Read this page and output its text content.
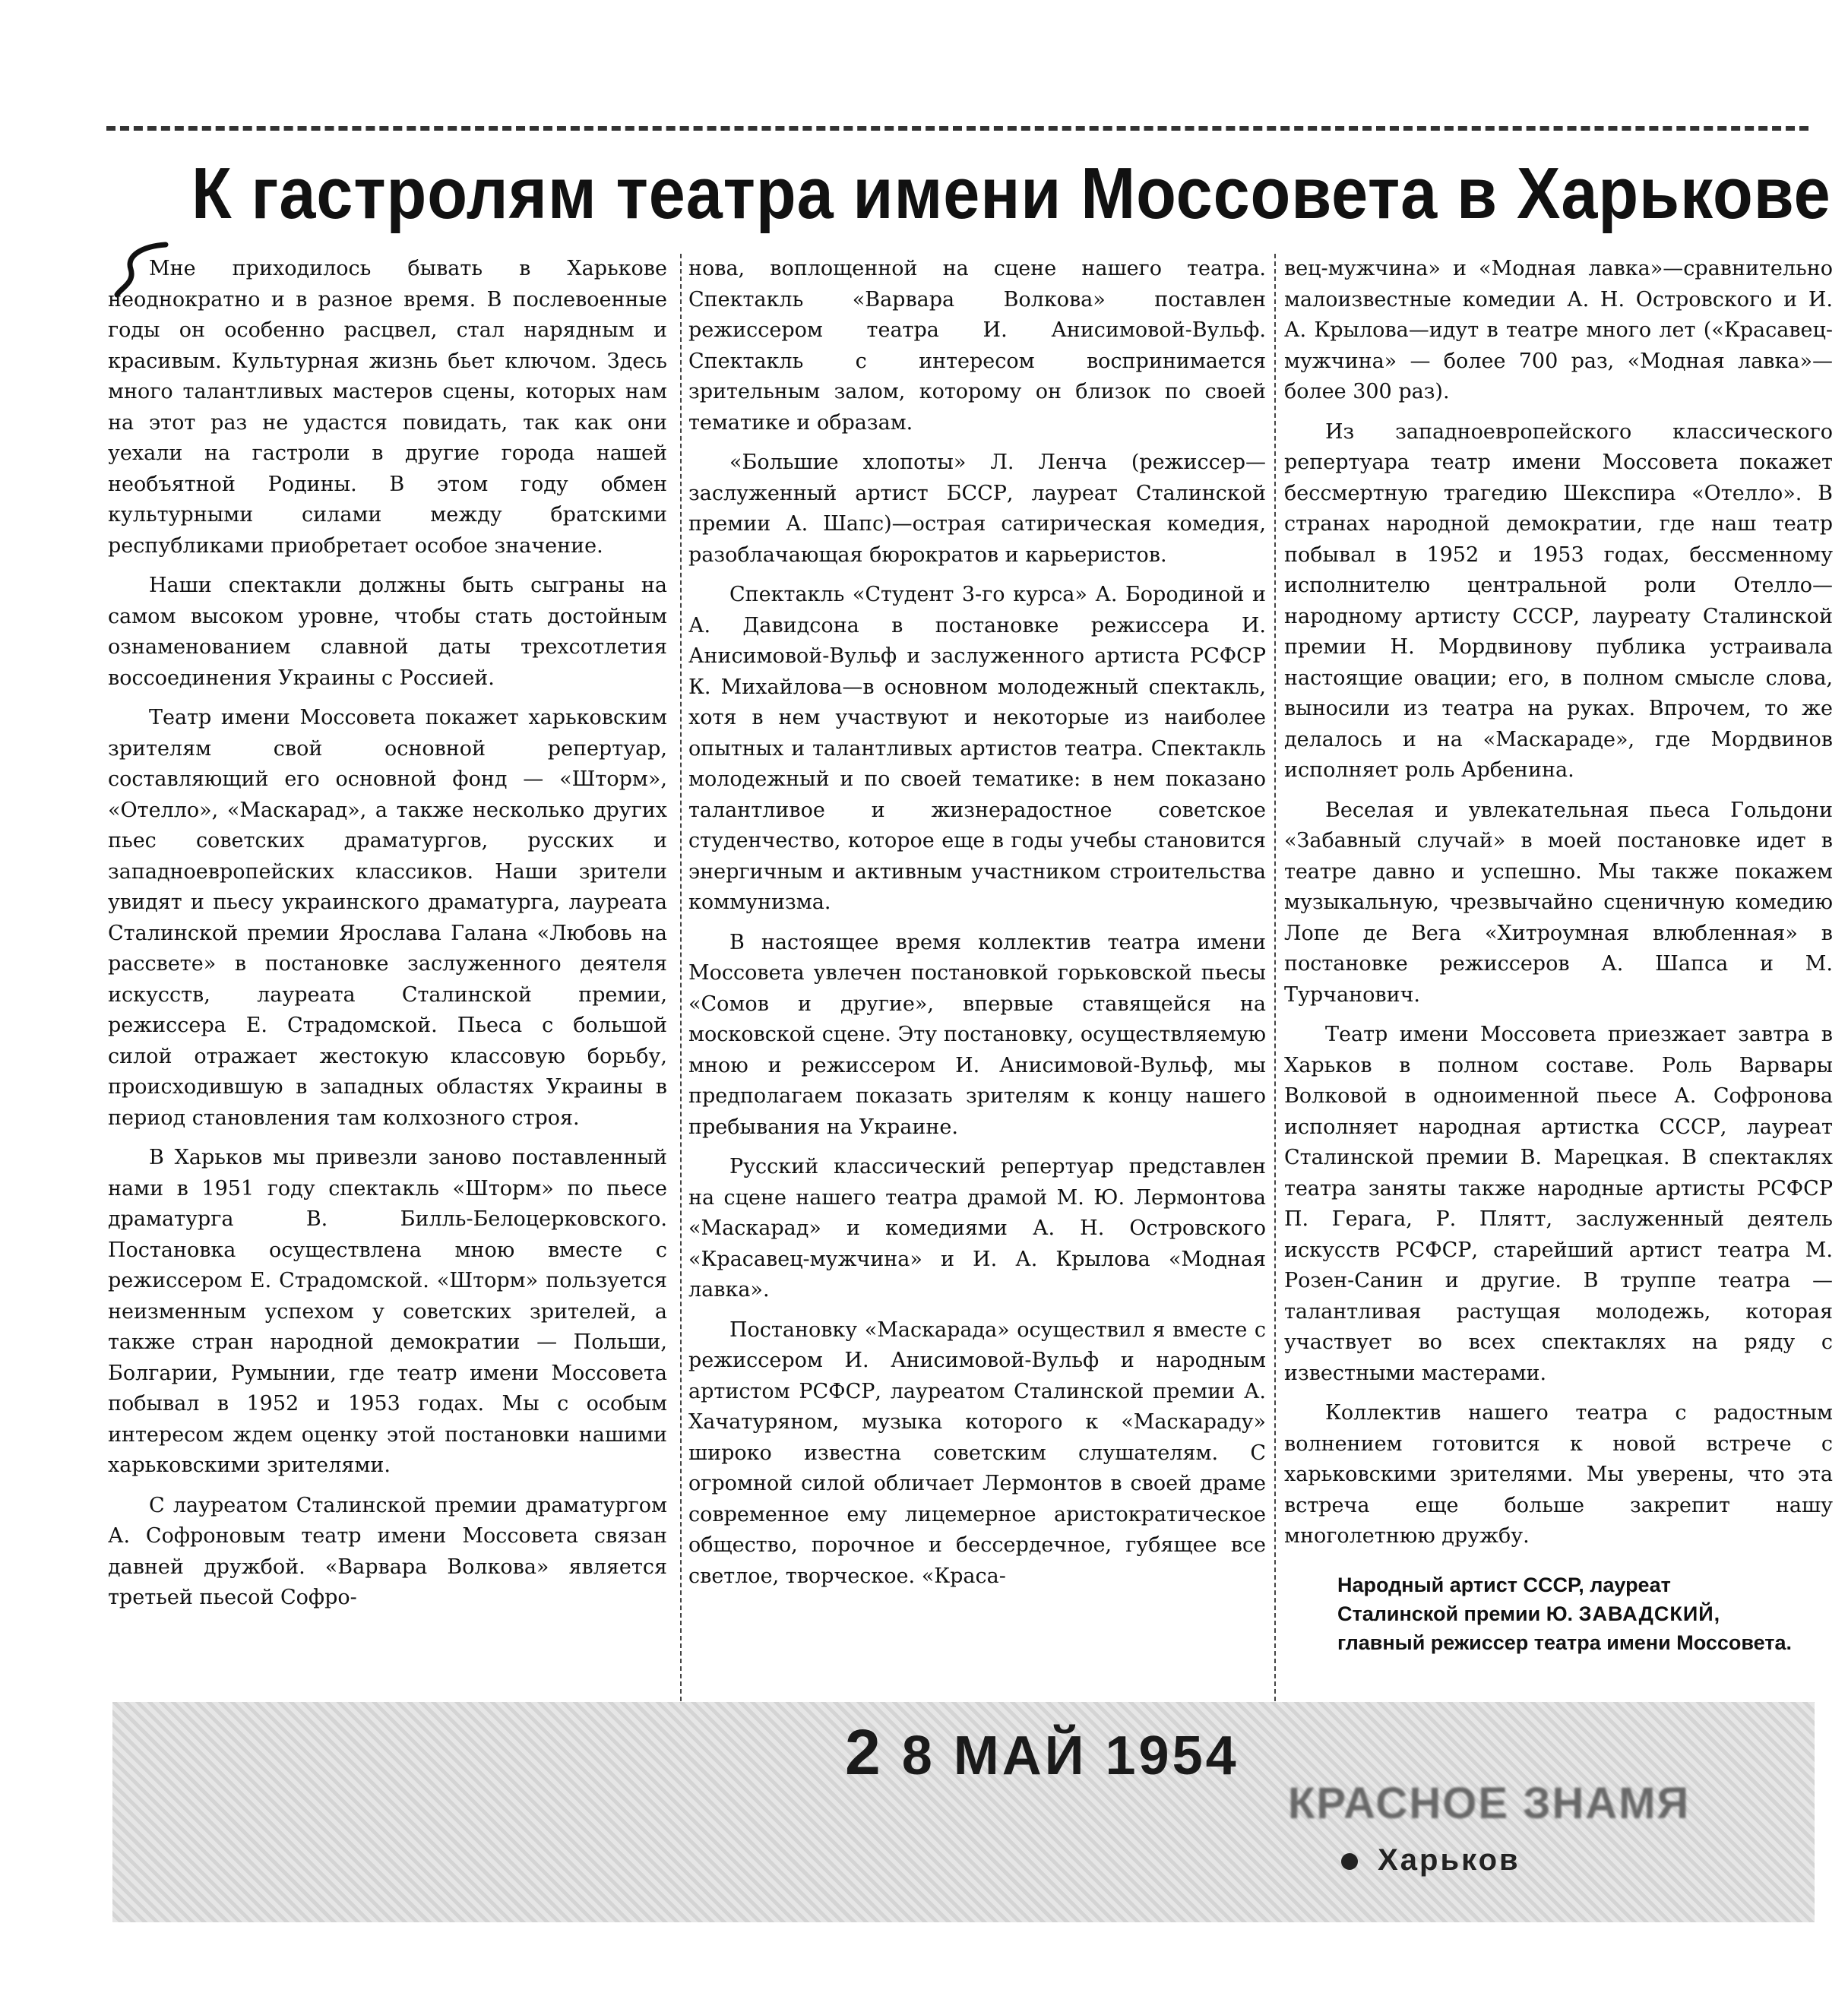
К гастролям театра имени Моссовета в Харькове

Мне приходилось бывать в Харькове неоднократно и в разное время. В послевоенные годы он особенно расцвел, стал нарядным и красивым. Культурная жизнь бьет ключом. Здесь много талантливых мастеров сцены, которых нам на этот раз не удастся повидать, так как они уехали на гастроли в другие города нашей необъятной Родины. В этом году обмен культурными силами между братскими республиками приобретает особое значение.

Наши спектакли должны быть сыграны на самом высоком уровне, чтобы стать достойным ознаменованием славной даты трехсотлетия воссоединения Украины с Россией.

Театр имени Моссовета покажет харьковским зрителям свой основной репертуар, составляющий его основной фонд — «Шторм», «Отелло», «Маскарад», а также несколько других пьес советских драматургов, русских и западноевропейских классиков. Наши зрители увидят и пьесу украинского драматурга, лауреата Сталинской премии Ярослава Галана «Любовь на рассвете» в постановке заслуженного деятеля искусств, лауреата Сталинской премии, режиссера Е. Страдомской. Пьеса с большой силой отражает жестокую классовую борьбу, происходившую в западных областях Украины в период становления там колхозного строя.

В Харьков мы привезли заново поставленный нами в 1951 году спектакль «Шторм» по пьесе драматурга В. Билль-Белоцерковского. Постановка осуществлена мною вместе с режиссером Е. Страдомской. «Шторм» пользуется неизменным успехом у советских зрителей, а также стран народной демократии — Польши, Болгарии, Румынии, где театр имени Моссовета побывал в 1952 и 1953 годах. Мы с особым интересом ждем оценку этой постановки нашими харьковскими зрителями.

С лауреатом Сталинской премии драматургом А. Софроновым театр имени Моссовета связан давней дружбой. «Варвара Волкова» является третьей пьесой Софро-

нова, воплощенной на сцене нашего театра. Спектакль «Варвара Волкова» поставлен режиссером театра И. Анисимовой-Вульф. Спектакль с интересом воспринимается зрительным залом, которому он близок по своей тематике и образам.

«Большие хлопоты» Л. Ленча (режиссер—заслуженный артист БССР, лауреат Сталинской премии А. Шапс)—острая сатирическая комедия, разоблачающая бюрократов и карьеристов.

Спектакль «Студент 3-го курса» А. Бородиной и А. Давидсона в постановке режиссера И. Анисимовой-Вульф и заслуженного артиста РСФСР К. Михайлова—в основном молодежный спектакль, хотя в нем участвуют и некоторые из наиболее опытных и талантливых артистов театра. Спектакль молодежный и по своей тематике: в нем показано талантливое и жизнерадостное советское студенчество, которое еще в годы учебы становится энергичным и активным участником строительства коммунизма.

В настоящее время коллектив театра имени Моссовета увлечен постановкой горьковской пьесы «Сомов и другие», впервые ставящейся на московской сцене. Эту постановку, осуществляемую мною и режиссером И. Анисимовой-Вульф, мы предполагаем показать зрителям к концу нашего пребывания на Украине.

Русский классический репертуар представлен на сцене нашего театра драмой М. Ю. Лермонтова «Маскарад» и комедиями А. Н. Островского «Красавец-мужчина» и И. А. Крылова «Модная лавка».

Постановку «Маскарада» осуществил я вместе с режиссером И. Анисимовой-Вульф и народным артистом РСФСР, лауреатом Сталинской премии А. Хачатуряном, музыка которого к «Маскараду» широко известна советским слушателям. С огромной силой обличает Лермонтов в своей драме современное ему лицемерное аристократическое общество, порочное и бессердечное, губящее все светлое, творческое. «Краса-

вец-мужчина» и «Модная лавка»—сравнительно малоизвестные комедии А. Н. Островского и И. А. Крылова—идут в театре много лет («Красавец-мужчина» — более 700 раз, «Модная лавка»—более 300 раз).

Из западноевропейского классического репертуара театр имени Моссовета покажет бессмертную трагедию Шекспира «Отелло». В странах народной демократии, где наш театр побывал в 1952 и 1953 годах, бессменному исполнителю центральной роли Отелло—народному артисту СССР, лауреату Сталинской премии Н. Мордвинову публика устраивала настоящие овации; его, в полном смысле слова, выносили из театра на руках. Впрочем, то же делалось и на «Маскараде», где Мордвинов исполняет роль Арбенина.

Веселая и увлекательная пьеса Гольдони «Забавный случай» в моей постановке идет в театре давно и успешно. Мы также покажем музыкальную, чрезвычайно сценичную комедию Лопе де Вега «Хитроумная влюбленная» в постановке режиссеров А. Шапса и М. Турчанович.

Театр имени Моссовета приезжает завтра в Харьков в полном составе. Роль Варвары Волковой в одноименной пьесе А. Софронова исполняет народная артистка СССР, лауреат Сталинской премии В. Марецкая. В спектаклях театра заняты также народные артисты РСФСР П. Герага, Р. Плятт, заслуженный деятель искусств РСФСР, старейший артист театра М. Розен-Санин и другие. В труппе театра — талантливая растущая молодежь, которая участвует во всех спектаклях на ряду с известными мастерами.

Коллектив нашего театра с радостным волнением готовится к новой встрече с харьковскими зрителями. Мы уверены, что эта встреча еще больше закрепит нашу многолетнюю дружбу.

Народный артист СССР, лауреат
Сталинской премии Ю. ЗАВАДСКИЙ,
главный режиссер театра имени Моссовета.
2 8 МАЙ 1954
КРАСНОЕ ЗНАМЯ
Харьков
